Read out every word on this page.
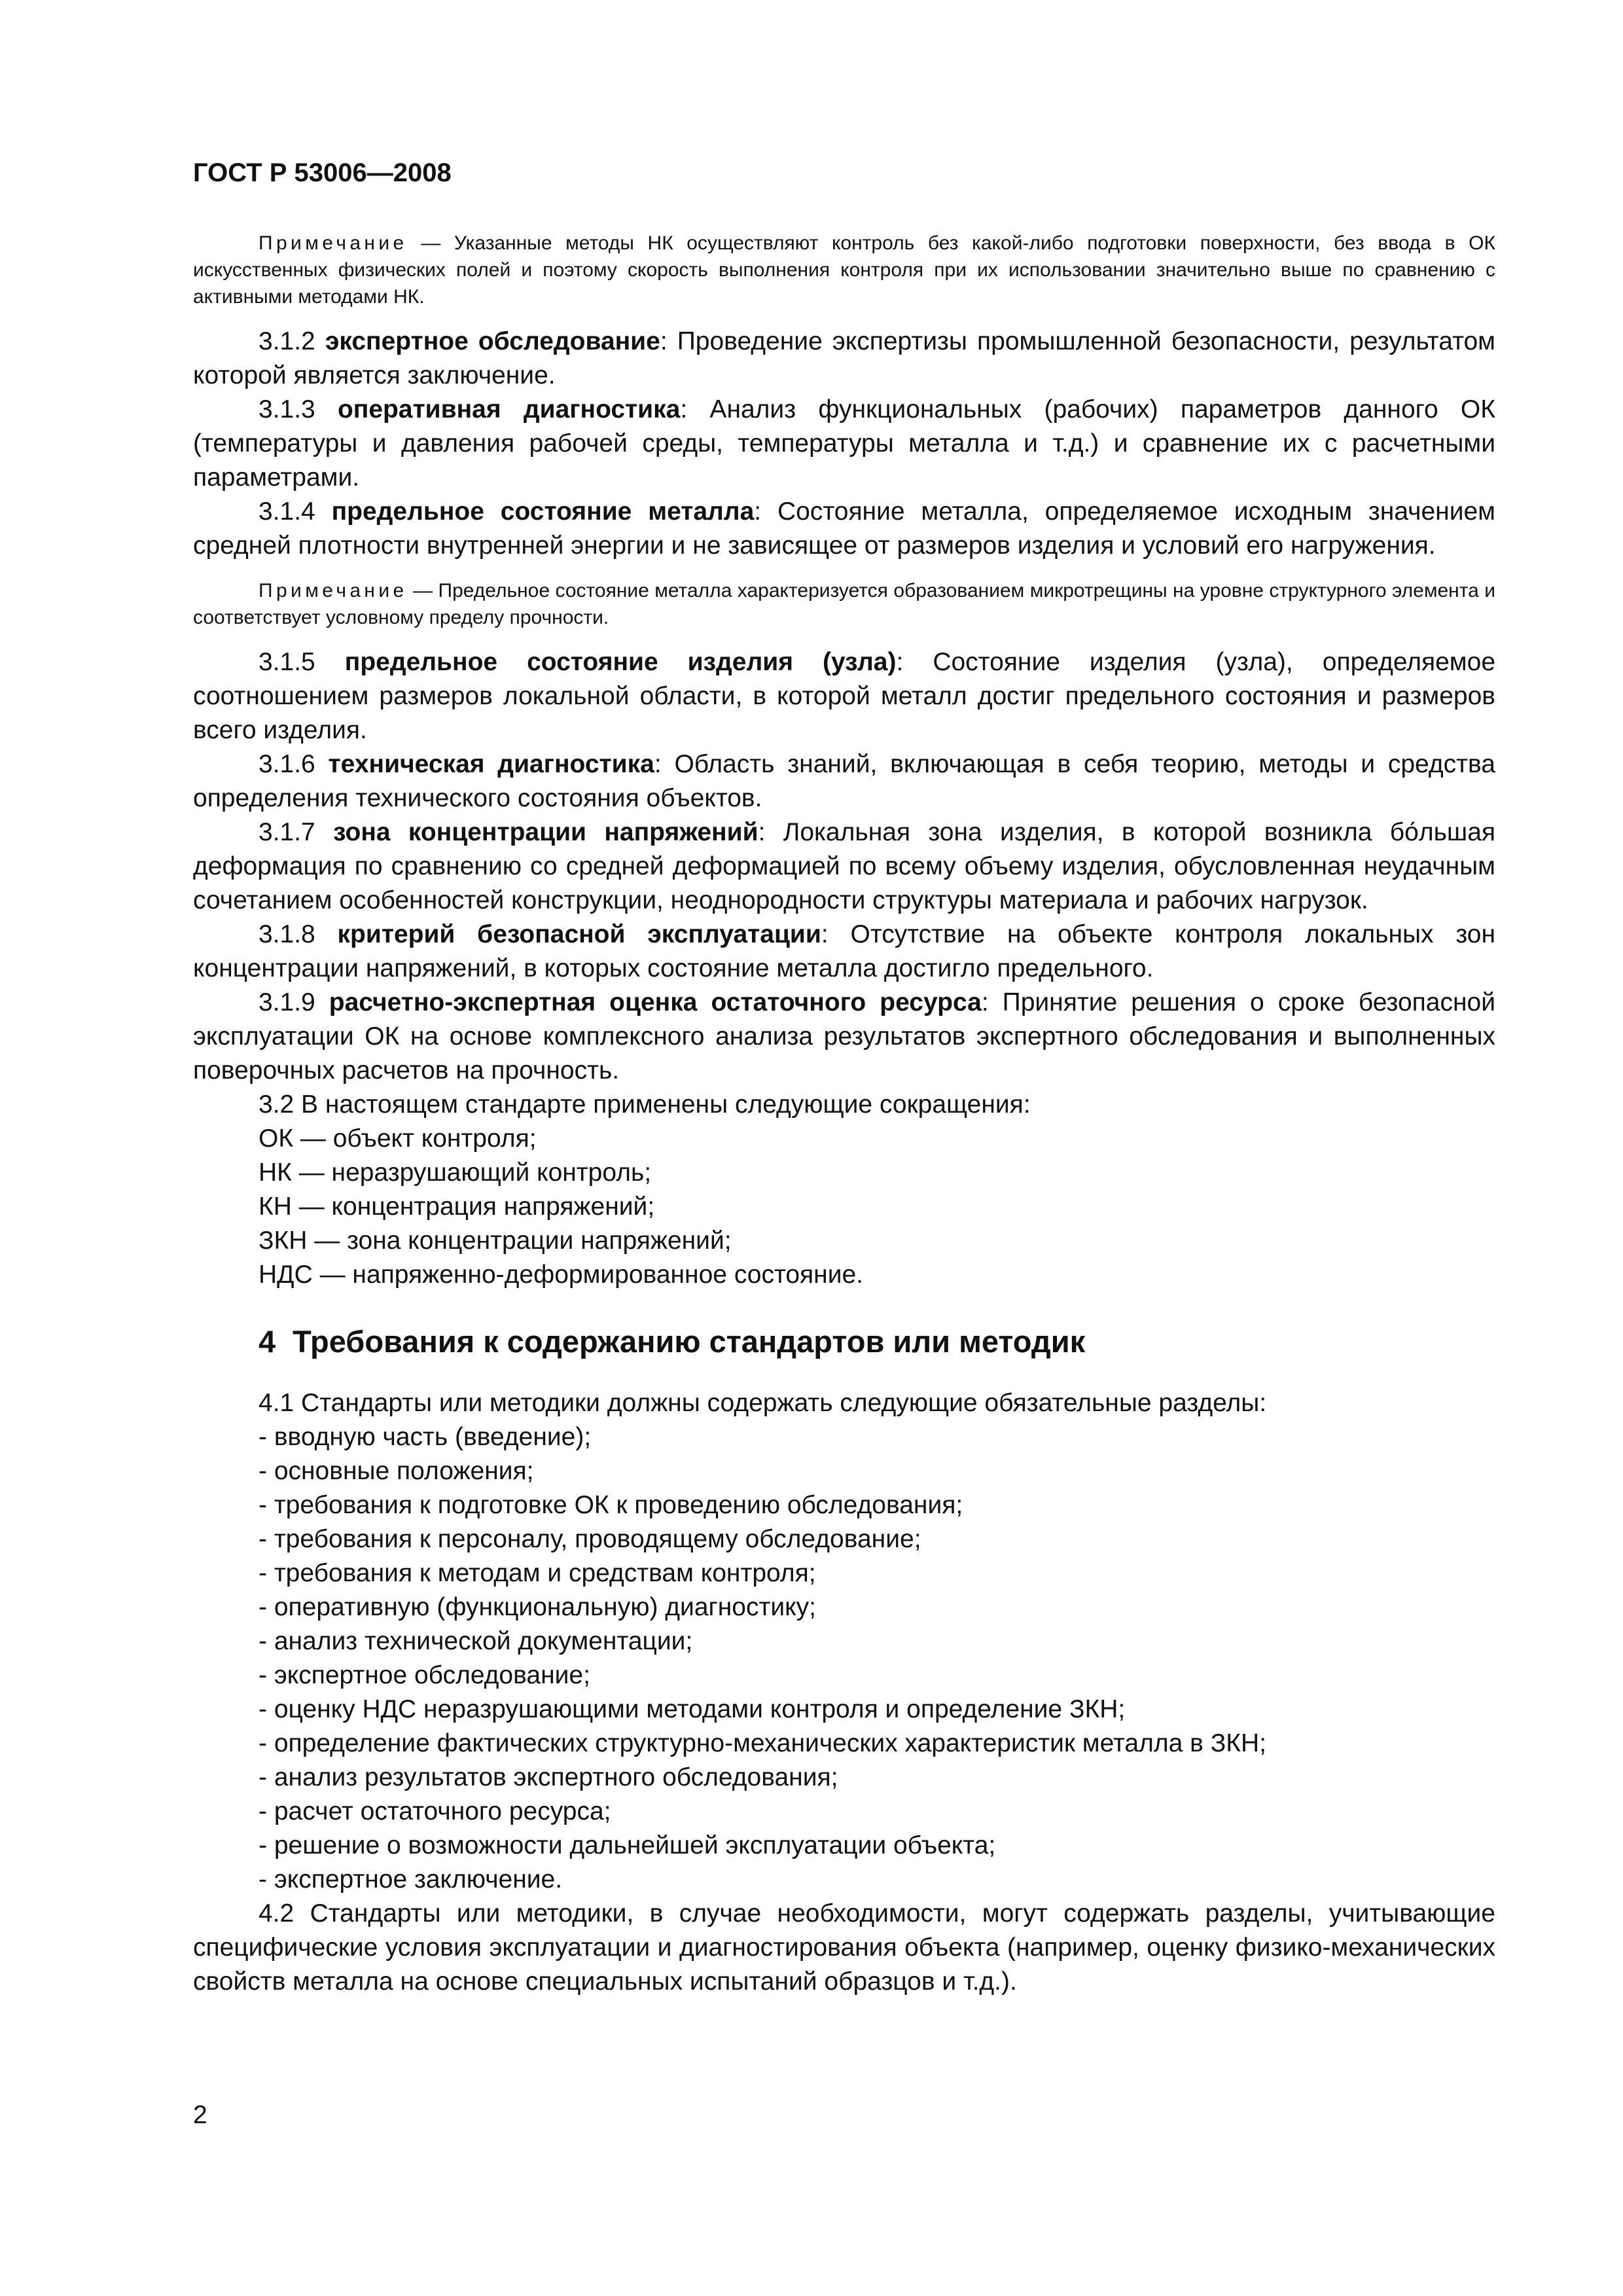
ГОСТ Р 53006—2008

Примечание — Указанные методы НК осуществляют контроль без какой-либо подготовки поверхности, без ввода в ОК искусственных физических полей и поэтому скорость выполнения контроля при их использовании значительно выше по сравнению с активными методами НК.

3.1.2 экспертное обследование: Проведение экспертизы промышленной безопасности, результатом которой является заключение.

3.1.3 оперативная диагностика: Анализ функциональных (рабочих) параметров данного ОК (температуры и давления рабочей среды, температуры металла и т.д.) и сравнение их с расчетными параметрами.

3.1.4 предельное состояние металла: Состояние металла, определяемое исходным значением средней плотности внутренней энергии и не зависящее от размеров изделия и условий его нагружения.

Примечание — Предельное состояние металла характеризуется образованием микротрещины на уровне структурного элемента и соответствует условному пределу прочности.

3.1.5 предельное состояние изделия (узла): Состояние изделия (узла), определяемое соотношением размеров локальной области, в которой металл достиг предельного состояния и размеров всего изделия.

3.1.6 техническая диагностика: Область знаний, включающая в себя теорию, методы и средства определения технического состояния объектов.

3.1.7 зона концентрации напряжений: Локальная зона изделия, в которой возникла бо́льшая деформация по сравнению со средней деформацией по всему объему изделия, обусловленная неудачным сочетанием особенностей конструкции, неоднородности структуры материала и рабочих нагрузок.

3.1.8 критерий безопасной эксплуатации: Отсутствие на объекте контроля локальных зон концентрации напряжений, в которых состояние металла достигло предельного.

3.1.9 расчетно-экспертная оценка остаточного ресурса: Принятие решения о сроке безопасной эксплуатации ОК на основе комплексного анализа результатов экспертного обследования и выполненных поверочных расчетов на прочность.

3.2 В настоящем стандарте применены следующие сокращения:

ОК — объект контроля;

НК — неразрушающий контроль;

КН — концентрация напряжений;

ЗКН — зона концентрации напряжений;

НДС — напряженно-деформированное состояние.

4 Требования к содержанию стандартов или методик

4.1 Стандарты или методики должны содержать следующие обязательные разделы:

- вводную часть (введение);
- основные положения;
- требования к подготовке ОК к проведению обследования;
- требования к персоналу, проводящему обследование;
- требования к методам и средствам контроля;
- оперативную (функциональную) диагностику;
- анализ технической документации;
- экспертное обследование;
- оценку НДС неразрушающими методами контроля и определение ЗКН;
- определение фактических структурно-механических характеристик металла в ЗКН;
- анализ результатов экспертного обследования;
- расчет остаточного ресурса;
- решение о возможности дальнейшей эксплуатации объекта;
- экспертное заключение.

4.2 Стандарты или методики, в случае необходимости, могут содержать разделы, учитывающие специфические условия эксплуатации и диагностирования объекта (например, оценку физико-механических свойств металла на основе специальных испытаний образцов и т.д.).

2
